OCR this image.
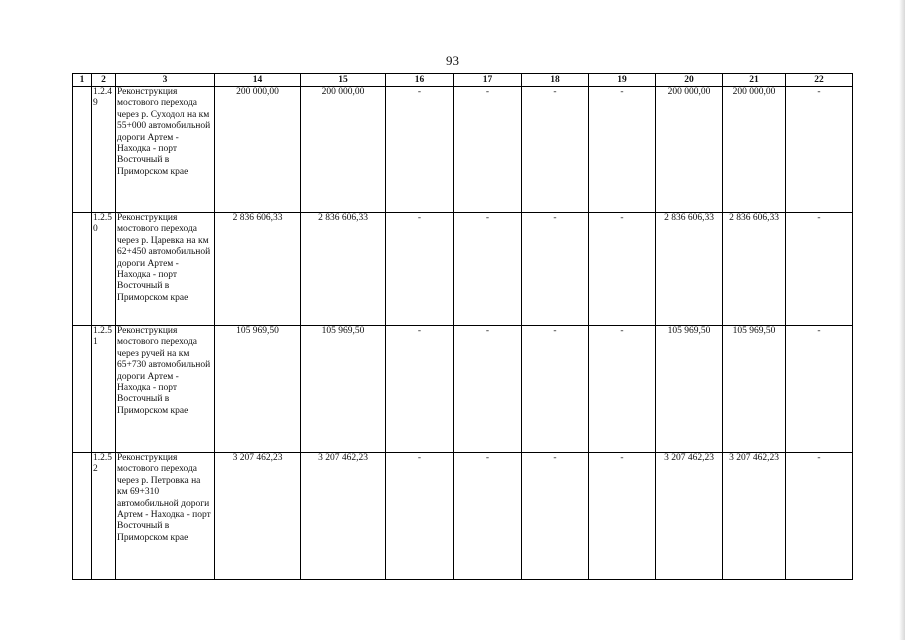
93
1	2	3	14	15	16	17	18	19	20	21	22
	1.2.4 9	Реконструкция мостового перехода через р. Суходол на км 55+000 автомобильной дороги Артем - Находка - порт Восточный в Приморском крае	200 000,00	200 000,00	-	-	-	-	200 000,00	200 000,00	-
	1.2.5 0	Реконструкция мостового перехода через р. Царевка на км 62+450 автомобильной дороги Артем - Находка - порт Восточный в Приморском крае	2 836 606,33	2 836 606,33	-	-	-	-	2 836 606,33	2 836 606,33	-
	1.2.5 1	Реконструкция мостового перехода через ручей на км 65+730 автомобильной дороги Артем - Находка - порт Восточный в Приморском крае	105 969,50	105 969,50	-	-	-	-	105 969,50	105 969,50	-
	1.2.5 2	Реконструкция мостового перехода через р. Петровка на км 69+310 автомобильной дороги Артем - Находка - порт Восточный в Приморском крае	3 207 462,23	3 207 462,23	-	-	-	-	3 207 462,23	3 207 462,23	-
